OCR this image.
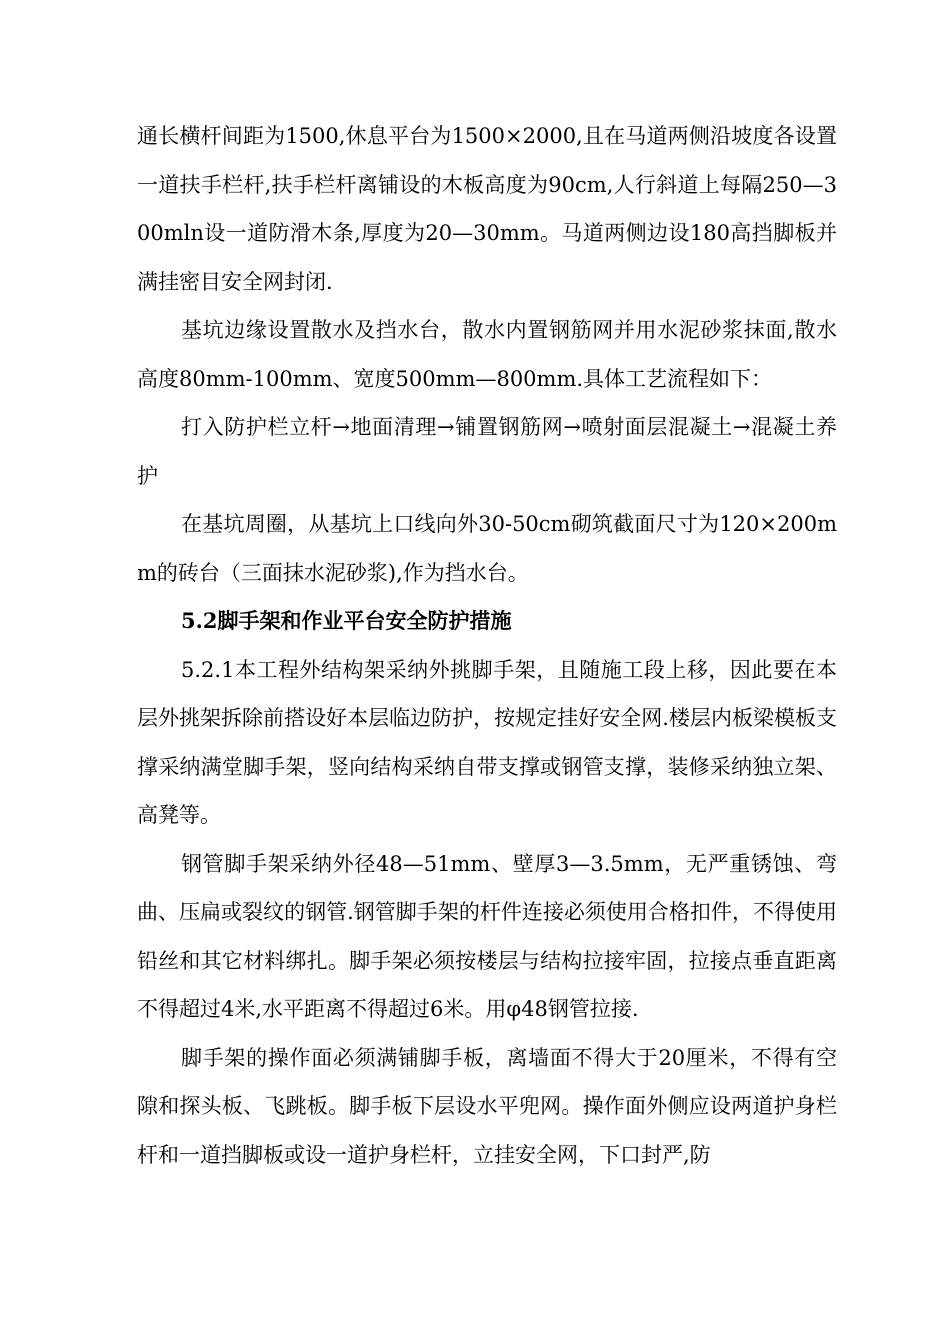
通长横杆间距为1500,休息平台为1500×2000,且在马道两侧沿坡度各设置一道扶手栏杆,扶手栏杆离铺设的木板高度为90cm,人行斜道上每隔250—300mln设一道防滑木条,厚度为20—30mm。马道两侧边设180高挡脚板并满挂密目安全网封闭.

基坑边缘设置散水及挡水台，散水内置钢筋网并用水泥砂浆抹面,散水高度80mm-100mm、宽度500mm—800mm.具体工艺流程如下：

打入防护栏立杆→地面清理→铺置钢筋网→喷射面层混凝土→混凝土养护

在基坑周圈，从基坑上口线向外30-50cm砌筑截面尺寸为120×200mm的砖台（三面抹水泥砂浆),作为挡水台。

5.2脚手架和作业平台安全防护措施

5.2.1本工程外结构架采纳外挑脚手架，且随施工段上移，因此要在本层外挑架拆除前搭设好本层临边防护，按规定挂好安全网.楼层内板梁模板支撑采纳满堂脚手架，竖向结构采纳自带支撑或钢管支撑，装修采纳独立架、高凳等。

钢管脚手架采纳外径48—51mm、壁厚3—3.5mm，无严重锈蚀、弯曲、压扁或裂纹的钢管.钢管脚手架的杆件连接必须使用合格扣件，不得使用铅丝和其它材料绑扎。脚手架必须按楼层与结构拉接牢固，拉接点垂直距离不得超过4米,水平距离不得超过6米。用φ48钢管拉接.

脚手架的操作面必须满铺脚手板，离墙面不得大于20厘米，不得有空隙和探头板、飞跳板。脚手板下层设水平兜网。操作面外侧应设两道护身栏杆和一道挡脚板或设一道护身栏杆，立挂安全网，下口封严,防
